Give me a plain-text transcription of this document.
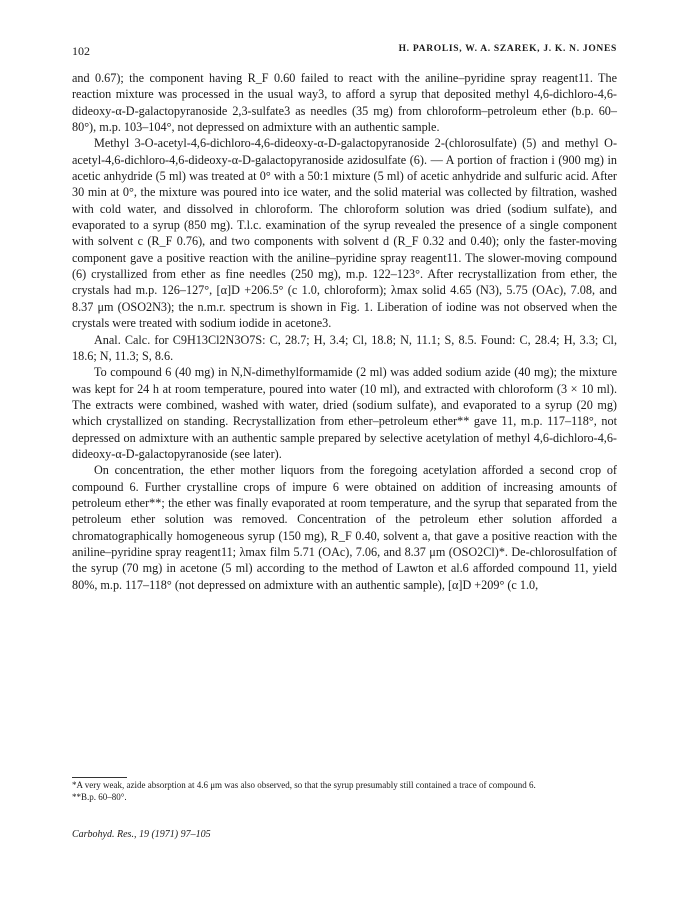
102	H. PAROLIS, W. A. SZAREK, J. K. N. JONES

and 0.67); the component having R_F 0.60 failed to react with the aniline–pyridine spray reagent11. The reaction mixture was processed in the usual way3, to afford a syrup that deposited methyl 4,6-dichloro-4,6-dideoxy-α-D-galactopyranoside 2,3-sulfate3 as needles (35 mg) from chloroform–petroleum ether (b.p. 60–80°), m.p. 103–104°, not depressed on admixture with an authentic sample.

Methyl 3-O-acetyl-4,6-dichloro-4,6-dideoxy-α-D-galactopyranoside 2-(chlorosulfate) (5) and methyl O-acetyl-4,6-dichloro-4,6-dideoxy-α-D-galactopyranoside azidosulfate (6). — A portion of fraction i (900 mg) in acetic anhydride (5 ml) was treated at 0° with a 50:1 mixture (5 ml) of acetic anhydride and sulfuric acid. After 30 min at 0°, the mixture was poured into ice water, and the solid material was collected by filtration, washed with cold water, and dissolved in chloroform. The chloroform solution was dried (sodium sulfate), and evaporated to a syrup (850 mg). T.l.c. examination of the syrup revealed the presence of a single component with solvent c (R_F 0.76), and two components with solvent d (R_F 0.32 and 0.40); only the faster-moving component gave a positive reaction with the aniline–pyridine spray reagent11. The slower-moving compound (6) crystallized from ether as fine needles (250 mg), m.p. 122–123°. After recrystallization from ether, the crystals had m.p. 126–127°, [α]D +206.5° (c 1.0, chloroform); λmax solid 4.65 (N3), 5.75 (OAc), 7.08, and 8.37 μm (OSO2N3); the n.m.r. spectrum is shown in Fig. 1. Liberation of iodine was not observed when the crystals were treated with sodium iodide in acetone3.

Anal. Calc. for C9H13Cl2N3O7S: C, 28.7; H, 3.4; Cl, 18.8; N, 11.1; S, 8.5. Found: C, 28.4; H, 3.3; Cl, 18.6; N, 11.3; S, 8.6.

To compound 6 (40 mg) in N,N-dimethylformamide (2 ml) was added sodium azide (40 mg); the mixture was kept for 24 h at room temperature, poured into water (10 ml), and extracted with chloroform (3 × 10 ml). The extracts were combined, washed with water, dried (sodium sulfate), and evaporated to a syrup (20 mg) which crystallized on standing. Recrystallization from ether–petroleum ether** gave 11, m.p. 117–118°, not depressed on admixture with an authentic sample prepared by selective acetylation of methyl 4,6-dichloro-4,6-dideoxy-α-D-galactopyranoside (see later).

On concentration, the ether mother liquors from the foregoing acetylation afforded a second crop of compound 6. Further crystalline crops of impure 6 were obtained on addition of increasing amounts of petroleum ether**; the ether was finally evaporated at room temperature, and the syrup that separated from the petroleum ether solution was removed. Concentration of the petroleum ether solution afforded a chromatographically homogeneous syrup (150 mg), R_F 0.40, solvent a, that gave a positive reaction with the aniline–pyridine spray reagent11; λmax film 5.71 (OAc), 7.06, and 8.37 μm (OSO2Cl)*. De-chlorosulfation of the syrup (70 mg) in acetone (5 ml) according to the method of Lawton et al.6 afforded compound 11, yield 80%, m.p. 117–118° (not depressed on admixture with an authentic sample), [α]D +209° (c 1.0,

*A very weak, azide absorption at 4.6 μm was also observed, so that the syrup presumably still contained a trace of compound 6.

**B.p. 60–80°.

Carbohyd. Res., 19 (1971) 97–105
